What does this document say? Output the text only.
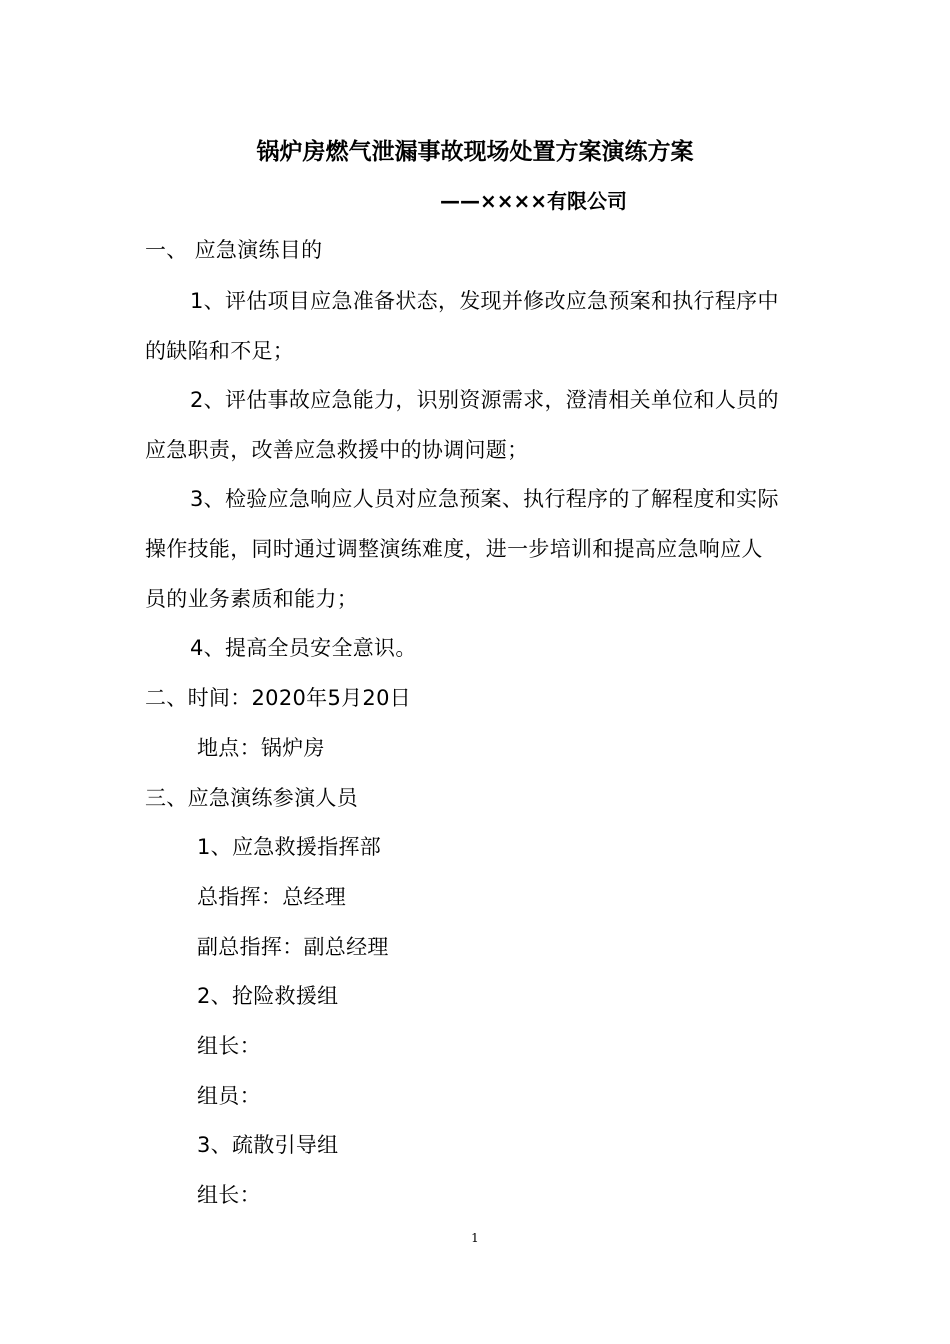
锅炉房燃气泄漏事故现场处置方案演练方案
——××××有限公司
一、 应急演练目的
1、评估项目应急准备状态，发现并修改应急预案和执行程序中
的缺陷和不足；
2、评估事故应急能力，识别资源需求，澄清相关单位和人员的
应急职责，改善应急救援中的协调问题；
3、检验应急响应人员对应急预案、执行程序的了解程度和实际
操作技能，同时通过调整演练难度，进一步培训和提高应急响应人
员的业务素质和能力；
4、提高全员安全意识。
二、时间：2020年5月20日
地点：锅炉房
三、应急演练参演人员
1、应急救援指挥部
总指挥：总经理
副总指挥：副总经理
2、抢险救援组
组长：
组员：
3、疏散引导组
组长：
1
